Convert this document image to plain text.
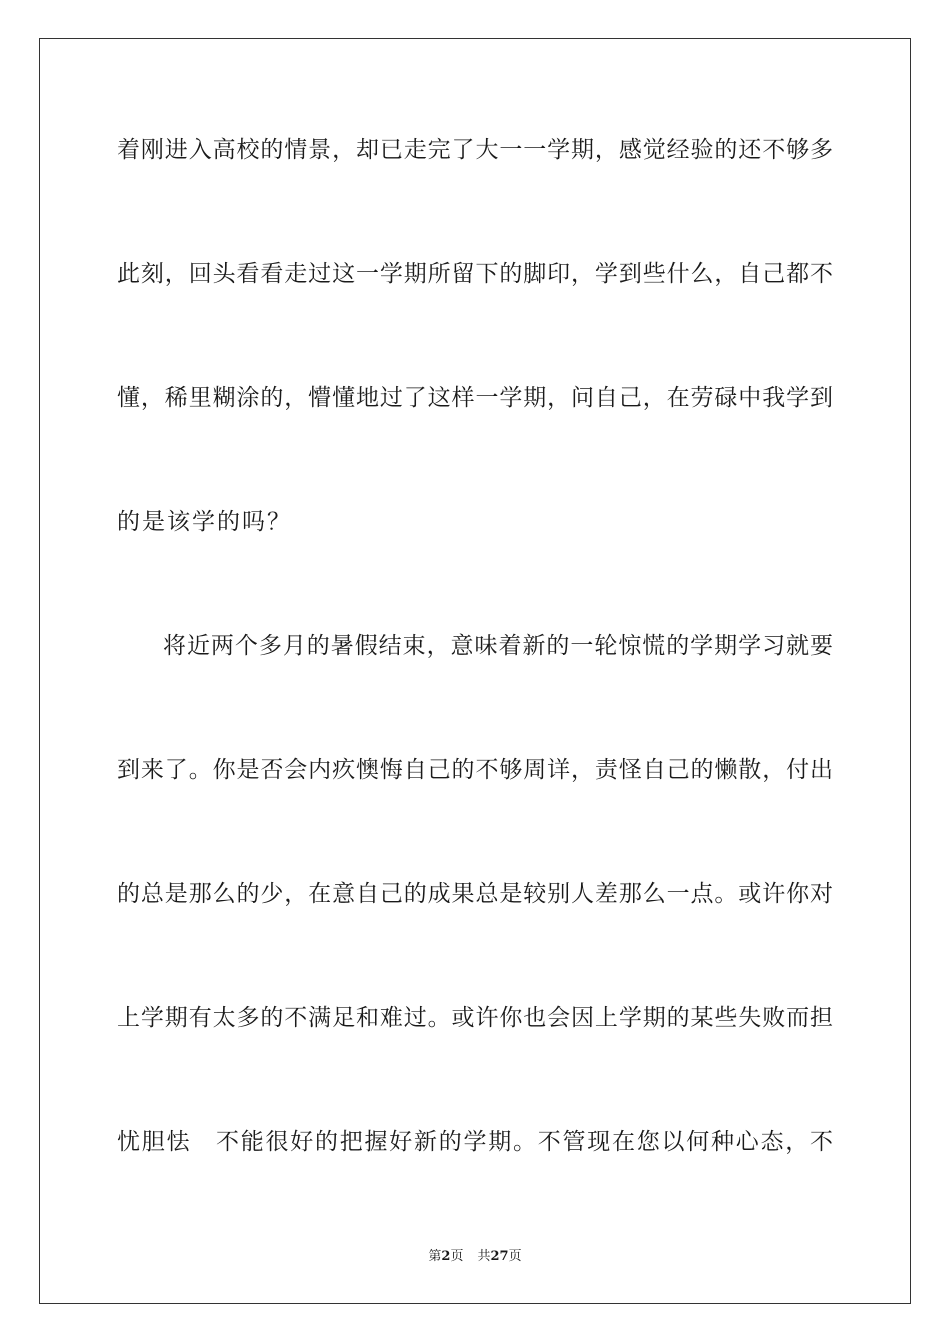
着刚进入高校的情景，却已走完了大一一学期，感觉经验的还不够多
此刻，回头看看走过这一学期所留下的脚印，学到些什么，自己都不
懂，稀里糊涂的，懵懂地过了这样一学期，问自己，在劳碌中我学到
的是该学的吗？
将近两个多月的暑假结束，意味着新的一轮惊慌的学期学习就要
到来了。你是否会内疚懊悔自己的不够周详，责怪自己的懒散，付出
的总是那么的少，在意自己的成果总是较别人差那么一点。或许你对
上学期有太多的不满足和难过。或许你也会因上学期的某些失败而担
忧胆怯　不能很好的把握好新的学期。不管现在您以何种心态，不
第2页 共27页
